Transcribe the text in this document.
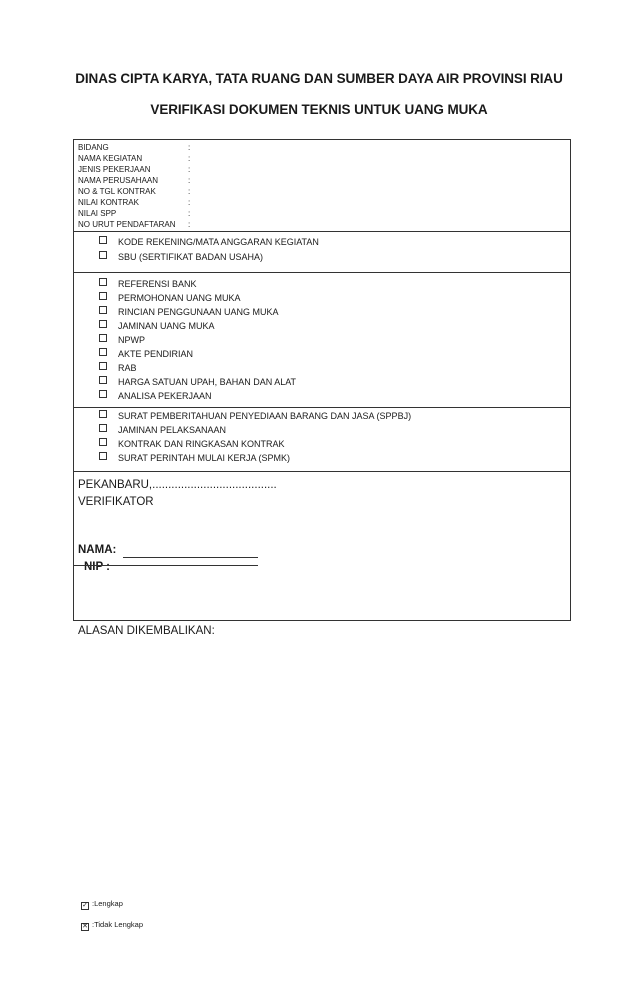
DINAS CIPTA KARYA, TATA RUANG DAN SUMBER DAYA AIR PROVINSI RIAU
VERIFIKASI DOKUMEN TEKNIS UNTUK UANG MUKA
BIDANG	:
NAMA KEGIATAN	:
JENIS PEKERJAAN	:
NAMA PERUSAHAAN	:
NO & TGL KONTRAK	:
NILAI KONTRAK	:
NILAI SPP	:
NO URUT PENDAFTARAN :
KODE REKENING/MATA ANGGARAN KEGIATAN
SBU (SERTIFIKAT BADAN USAHA)
REFERENSI BANK
PERMOHONAN UANG MUKA
RINCIAN PENGGUNAAN UANG MUKA
JAMINAN UANG MUKA
NPWP
AKTE PENDIRIAN
RAB
HARGA SATUAN UPAH, BAHAN DAN ALAT
ANALISA PEKERJAAN
SURAT PEMBERITAHUAN PENYEDIAAN BARANG DAN JASA (SPPBJ)
JAMINAN PELAKSANAAN
KONTRAK DAN RINGKASAN KONTRAK
SURAT PERINTAH MULAI KERJA (SPMK)
PEKANBARU,.......................................
VERIFIKATOR
NAMA:
NIP :
ALASAN DIKEMBALIKAN:
✓ :Lengkap
✕ :Tidak Lengkap
